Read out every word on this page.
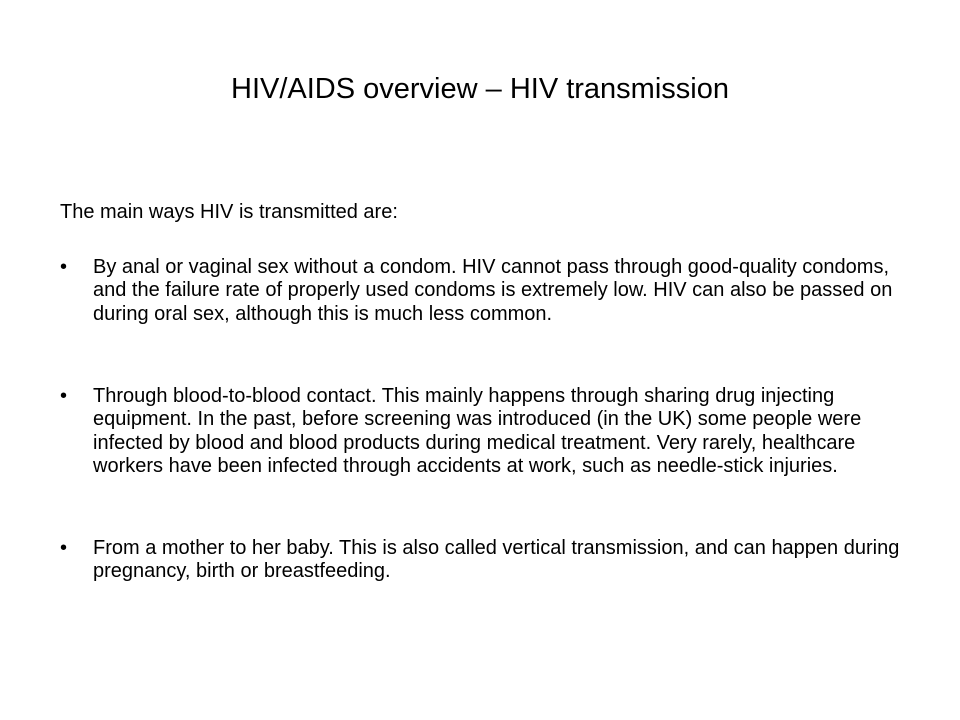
HIV/AIDS overview – HIV transmission

The main ways HIV is transmitted are:

•	By anal or vaginal sex without a condom. HIV cannot pass through good-quality condoms, and the failure rate of properly used condoms is extremely low. HIV can also be passed on during oral sex, although this is much less common.
•	Through blood-to-blood contact. This mainly happens through sharing drug injecting equipment. In the past, before screening was introduced (in the UK) some people were infected by blood and blood products during medical treatment. Very rarely, healthcare workers have been infected through accidents at work, such as needle-stick injuries.
•	From a mother to her baby. This is also called vertical transmission, and can happen during pregnancy, birth or breastfeeding.
